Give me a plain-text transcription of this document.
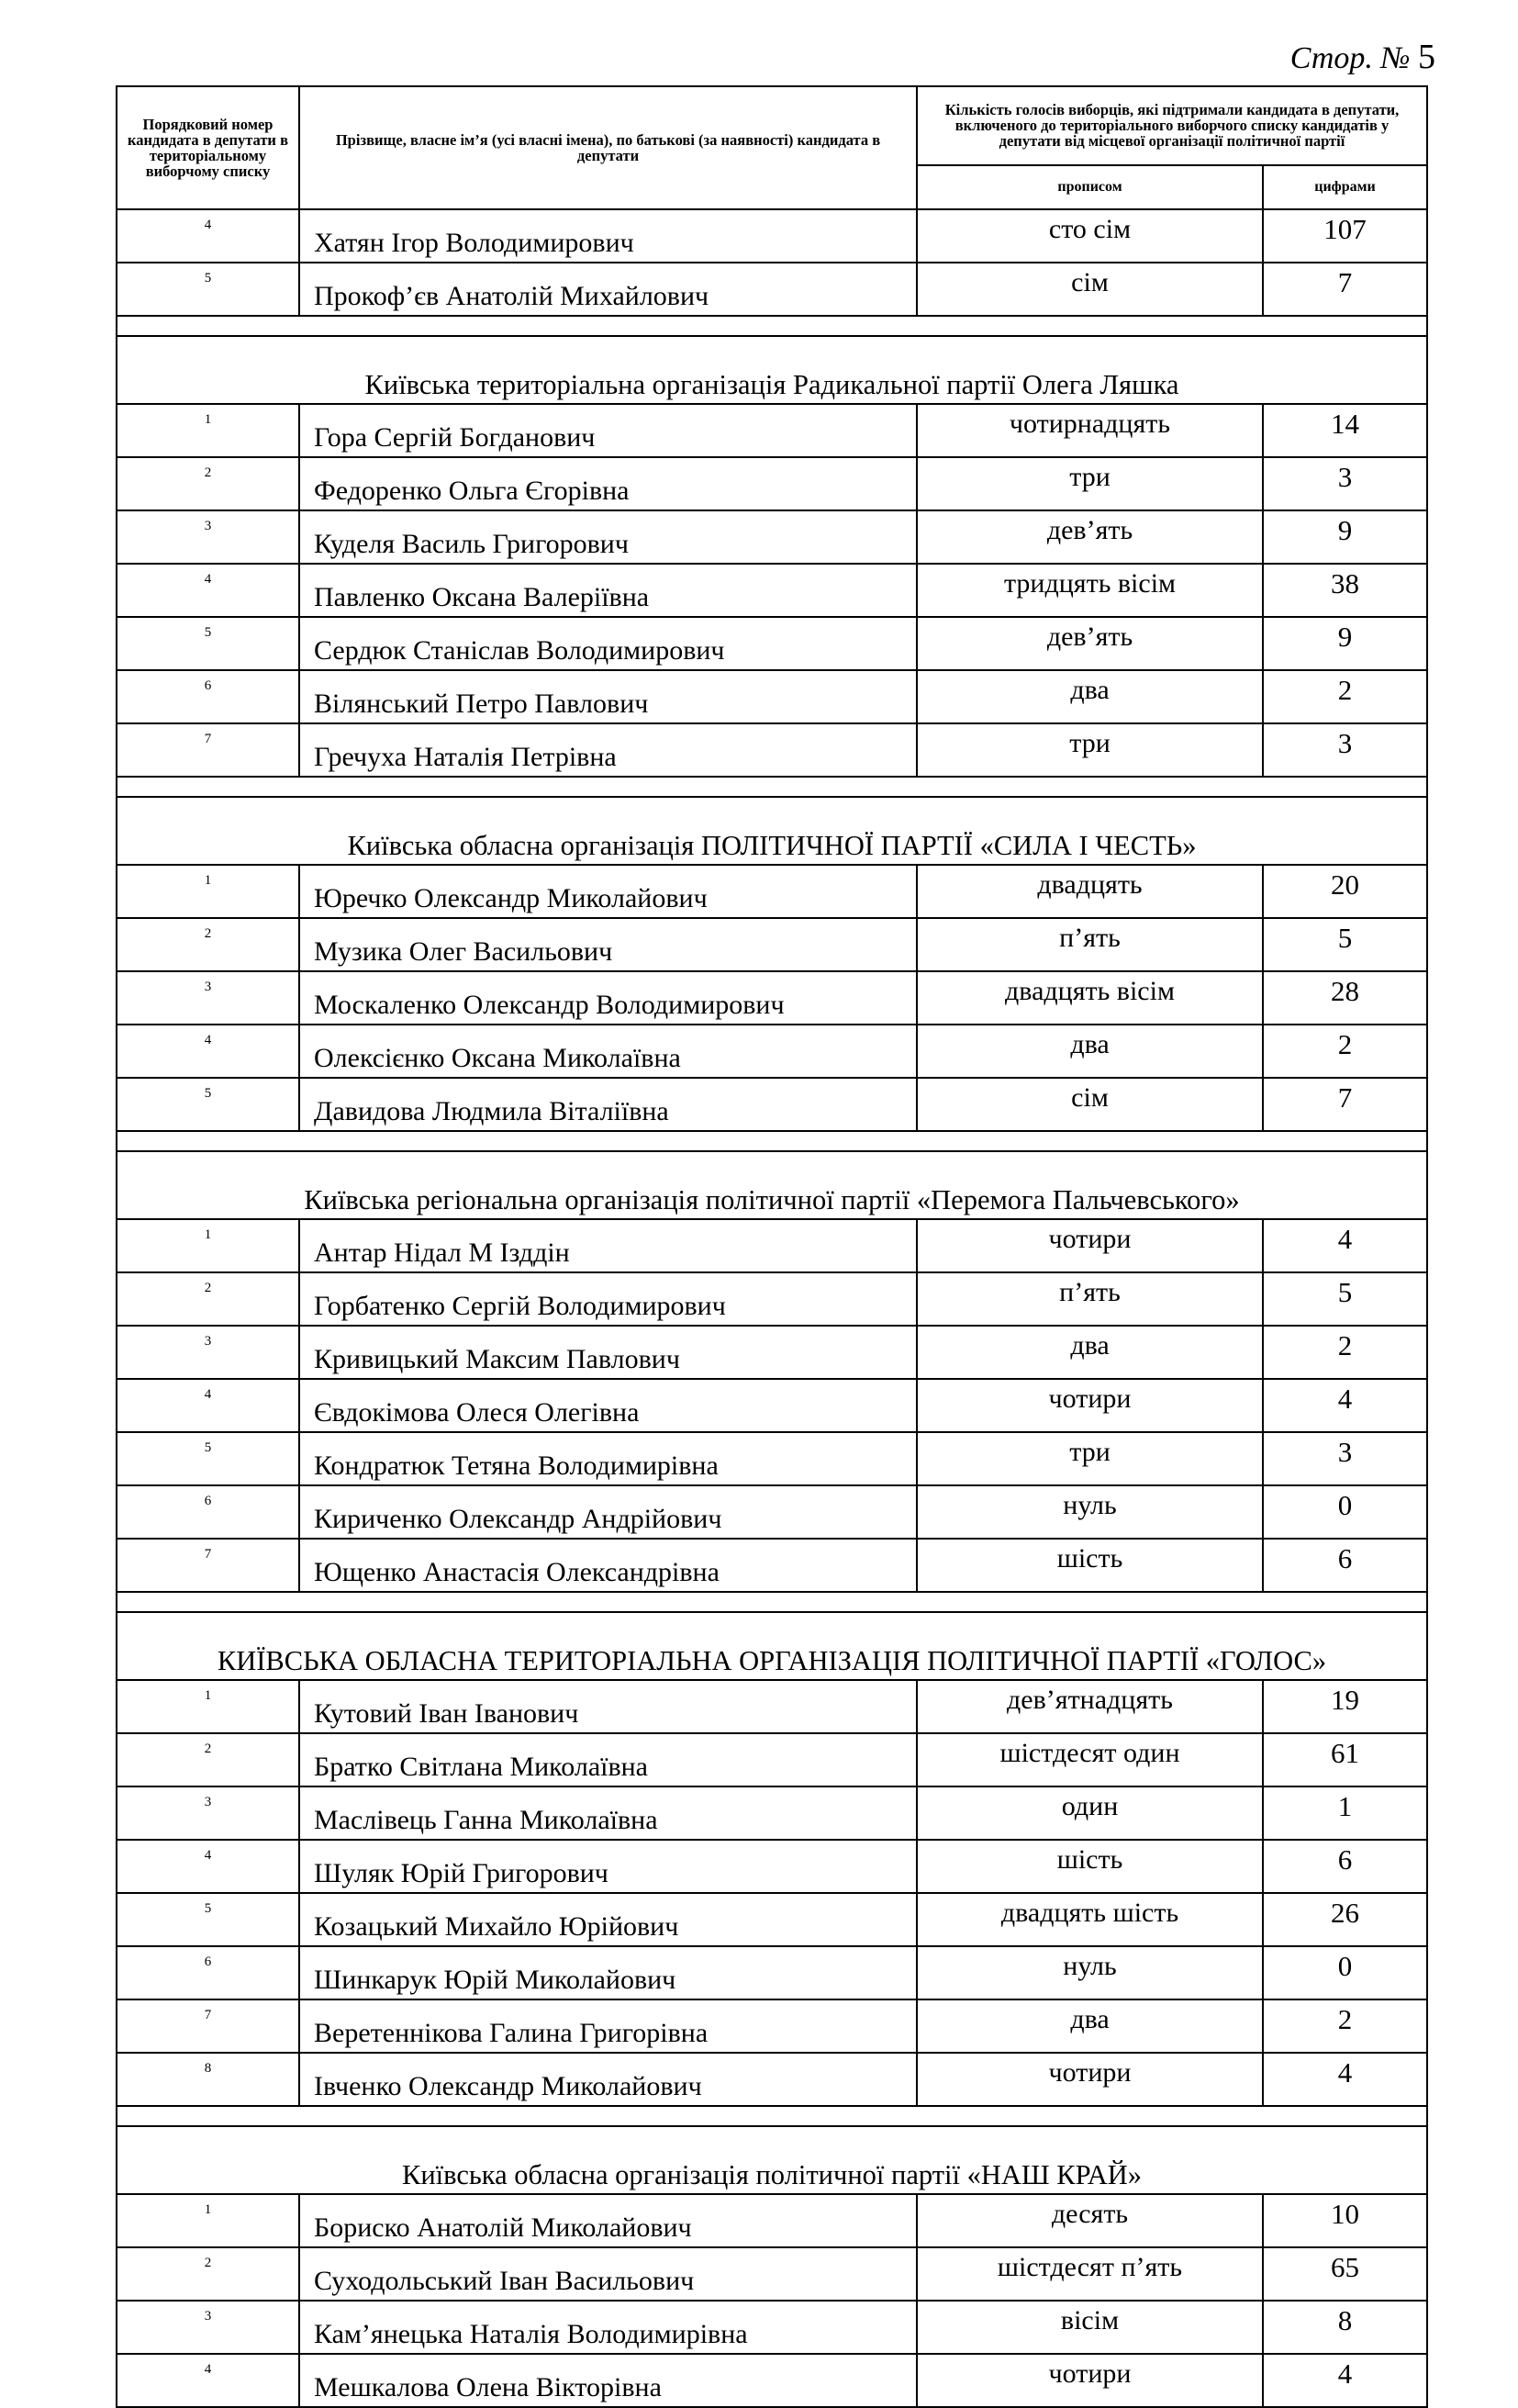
Стор. № 5
Порядковий номер кандидата в депутати в територіальному виборчому списку	Прізвище, власне ім’я (усі власні імена), по батькові (за наявності) кандидата в депутати	Кількість голосів виборців, які підтримали кандидата в депутати, включеного до територіального виборчого списку кандидатів у депутати від місцевої організації політичної партії	
		прописом	цифрами
4	Хатян Ігор Володимирович	сто сім	107
5	Прокоф’єв Анатолій Михайлович	сім	7

Київська територіальна організація Радикальної партії Олега Ляшка			
1	Гора Сергій Богданович	чотирнадцять	14
2	Федоренко Ольга Єгорівна	три	3
3	Куделя Василь Григорович	дев’ять	9
4	Павленко Оксана Валеріївна	тридцять вісім	38
5	Сердюк Станіслав Володимирович	дев’ять	9
6	Вілянський Петро Павлович	два	2
7	Гречуха Наталія Петрівна	три	3

Київська обласна організація ПОЛІТИЧНОЇ ПАРТІЇ «СИЛА І ЧЕСТЬ»			
1	Юречко Олександр Миколайович	двадцять	20
2	Музика Олег Васильович	п’ять	5
3	Москаленко Олександр Володимирович	двадцять вісім	28
4	Олексієнко Оксана Миколаївна	два	2
5	Давидова Людмила Віталіївна	сім	7

Київська регіональна організація політичної партії «Перемога Пальчевського»			
1	Антар Нідал М Ізддін	чотири	4
2	Горбатенко Сергій Володимирович	п’ять	5
3	Кривицький Максим Павлович	два	2
4	Євдокімова Олеся Олегівна	чотири	4
5	Кондратюк Тетяна Володимирівна	три	3
6	Кириченко Олександр Андрійович	нуль	0
7	Ющенко Анастасія Олександрівна	шість	6

КИЇВСЬКА ОБЛАСНА ТЕРИТОРІАЛЬНА ОРГАНІЗАЦІЯ ПОЛІТИЧНОЇ ПАРТІЇ «ГОЛОС»			
1	Кутовий Іван Іванович	дев’ятнадцять	19
2	Братко Світлана Миколаївна	шістдесят один	61
3	Маслівець Ганна Миколаївна	один	1
4	Шуляк Юрій Григорович	шість	6
5	Козацький Михайло Юрійович	двадцять шість	26
6	Шинкарук Юрій Миколайович	нуль	0
7	Веретеннікова Галина Григорівна	два	2
8	Івченко Олександр Миколайович	чотири	4

Київська обласна організація політичної партії «НАШ КРАЙ»			
1	Бориско Анатолій Миколайович	десять	10
2	Суходольський Іван Васильович	шістдесят п’ять	65
3	Кам’янецька Наталія Володимирівна	вісім	8
4	Мешкалова Олена Вікторівна	чотири	4
